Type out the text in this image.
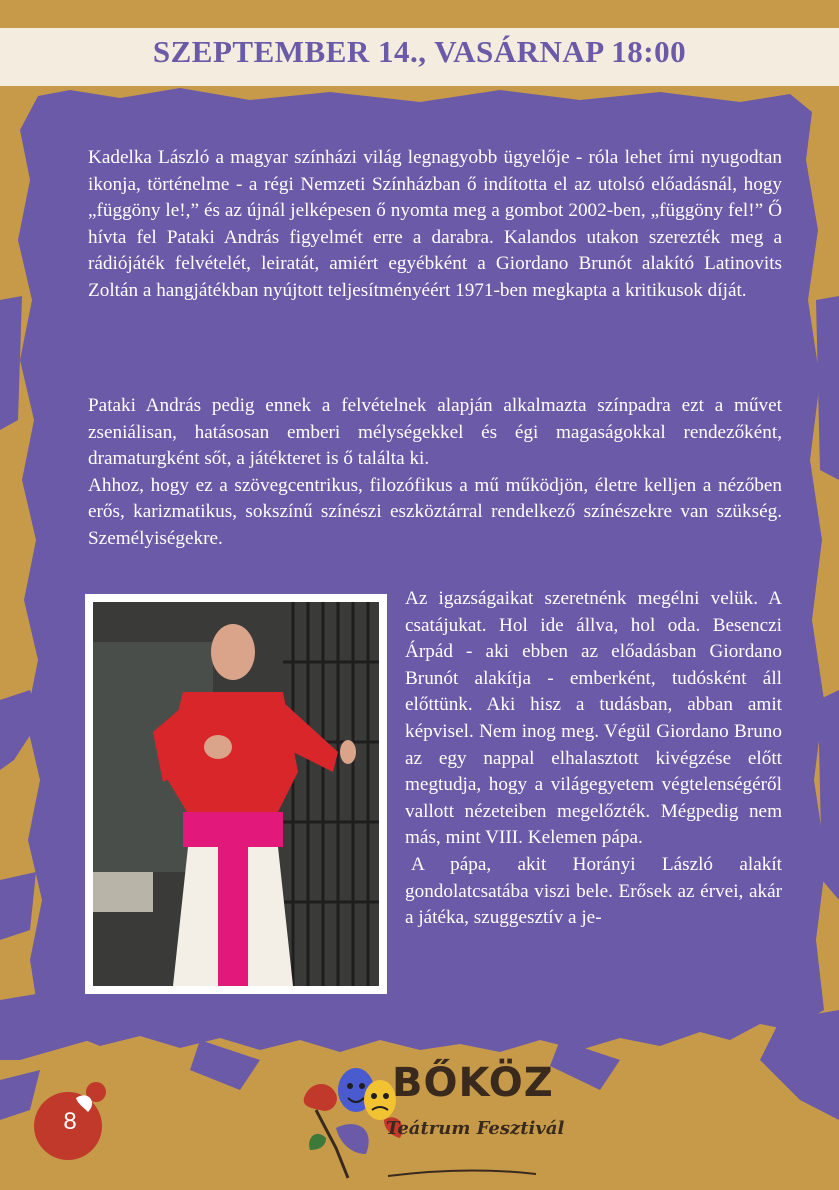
SZEPTEMBER 14., VASÁRNAP 18:00

Kadelka László a magyar színházi világ legnagyobb ügyelője - róla lehet írni nyugodtan ikonja, történelme - a régi Nemzeti Színházban ő indította el az utolsó előadásnál, hogy „függöny le!,” és az újnál jelképesen ő nyomta meg a gombot 2002-ben, „függöny fel!” Ő hívta fel Pataki András figyelmét erre a darabra. Kalandos utakon szerezték meg a rádiójáték felvételét, leiratát, amiért egyébként a Giordano Brunót alakító Latinovits Zoltán a hangjátékban nyújtott teljesítményéért 1971-ben megkapta a kritikusok díját.

Pataki András pedig ennek a felvételnek alapján alkalmazta színpadra ezt a művet zseniálisan, hatásosan emberi mélységekkel és égi magaságokkal rendezőként, dramaturgként sőt, a játékteret is ő találta ki.

Ahhoz, hogy ez a szövegcentrikus, filozófikus a mű működjön, életre kelljen a nézőben erős, karizmatikus, sokszínű színészi eszköztárral rendelkező színészekre van szükség. Személyiségekre.

Az igazságaikat szeretnénk megélni velük. A csatájukat. Hol ide állva, hol oda. Besenczi Árpád - aki ebben az előadásban Giordano Brunót alakítja - emberként, tudósként áll előttünk. Aki hisz a tudásban, abban amit képvisel. Nem inog meg. Végül Giordano Bruno az egy nappal elhalasztott kivégzése előtt megtudja, hogy a világegyetem végtelenségéről vallott nézeteiben megelőzték. Mégpedig nem más, mint VIII. Kelemen pápa.

A pápa, akit Horányi László alakít gondolatcsatába viszi bele. Erősek az érvei, akár a játéka, szuggesztív a je-

8
BŐKÖZ
Teátrum Fesztivál
